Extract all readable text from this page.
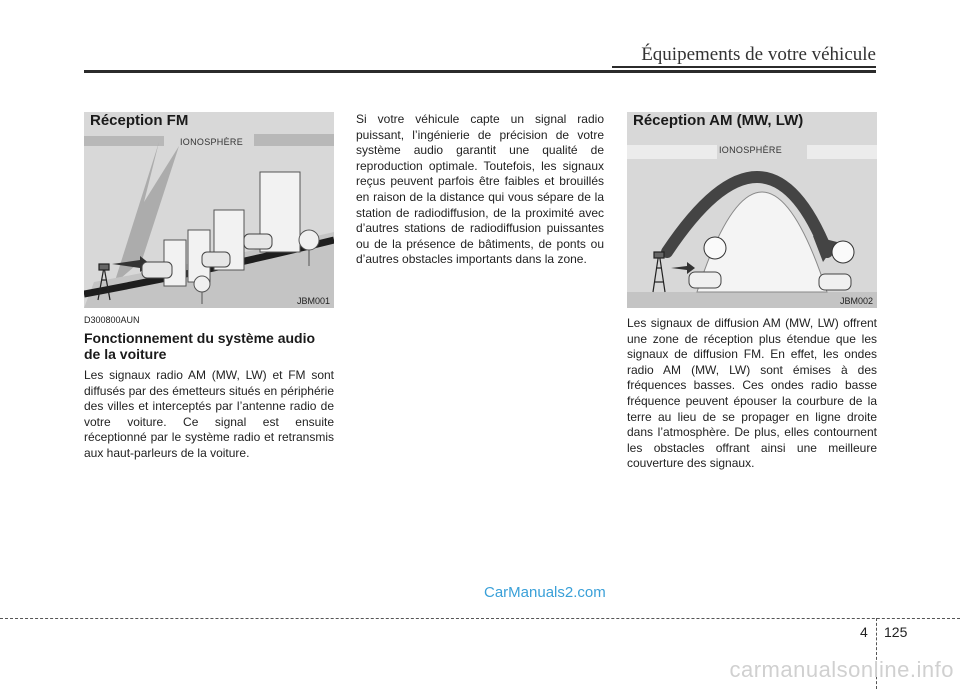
Équipements de votre véhicule
Réception FM
IONOSPHÈRE
JBM001
D300800AUN
Fonctionnement du système audio de la voiture
Les signaux radio AM (MW, LW) et FM sont diffusés par des émetteurs situés en périphérie des villes et interceptés par l’antenne radio de votre voiture. Ce signal est ensuite réceptionné par le système radio et retransmis aux haut-parleurs de la voiture.
Si votre véhicule capte un signal radio puissant, l’ingénierie de précision de votre système audio garantit une qualité de reproduction optimale. Toutefois, les signaux reçus peuvent parfois être faibles et brouillés en raison de la distance qui vous sépare de la station de radiodiffusion, de la proximité avec d’autres stations de radiodiffusion puissantes ou de la présence de bâtiments, de ponts ou d’autres obstacles importants dans la zone.
Réception AM (MW, LW)
IONOSPHÈRE
JBM002
Les signaux de diffusion AM (MW, LW) offrent une zone de réception plus étendue que les signaux de diffusion FM. En effet, les ondes radio AM (MW, LW) sont émises à des fréquences basses. Ces ondes radio basse fréquence peuvent épouser la courbure de la terre au lieu de se propager en ligne droite dans l’atmosphère. De plus, elles contournent les obstacles offrant ainsi une meilleure couverture des signaux.
CarManuals2.com
4 125
carmanualsonline.info
